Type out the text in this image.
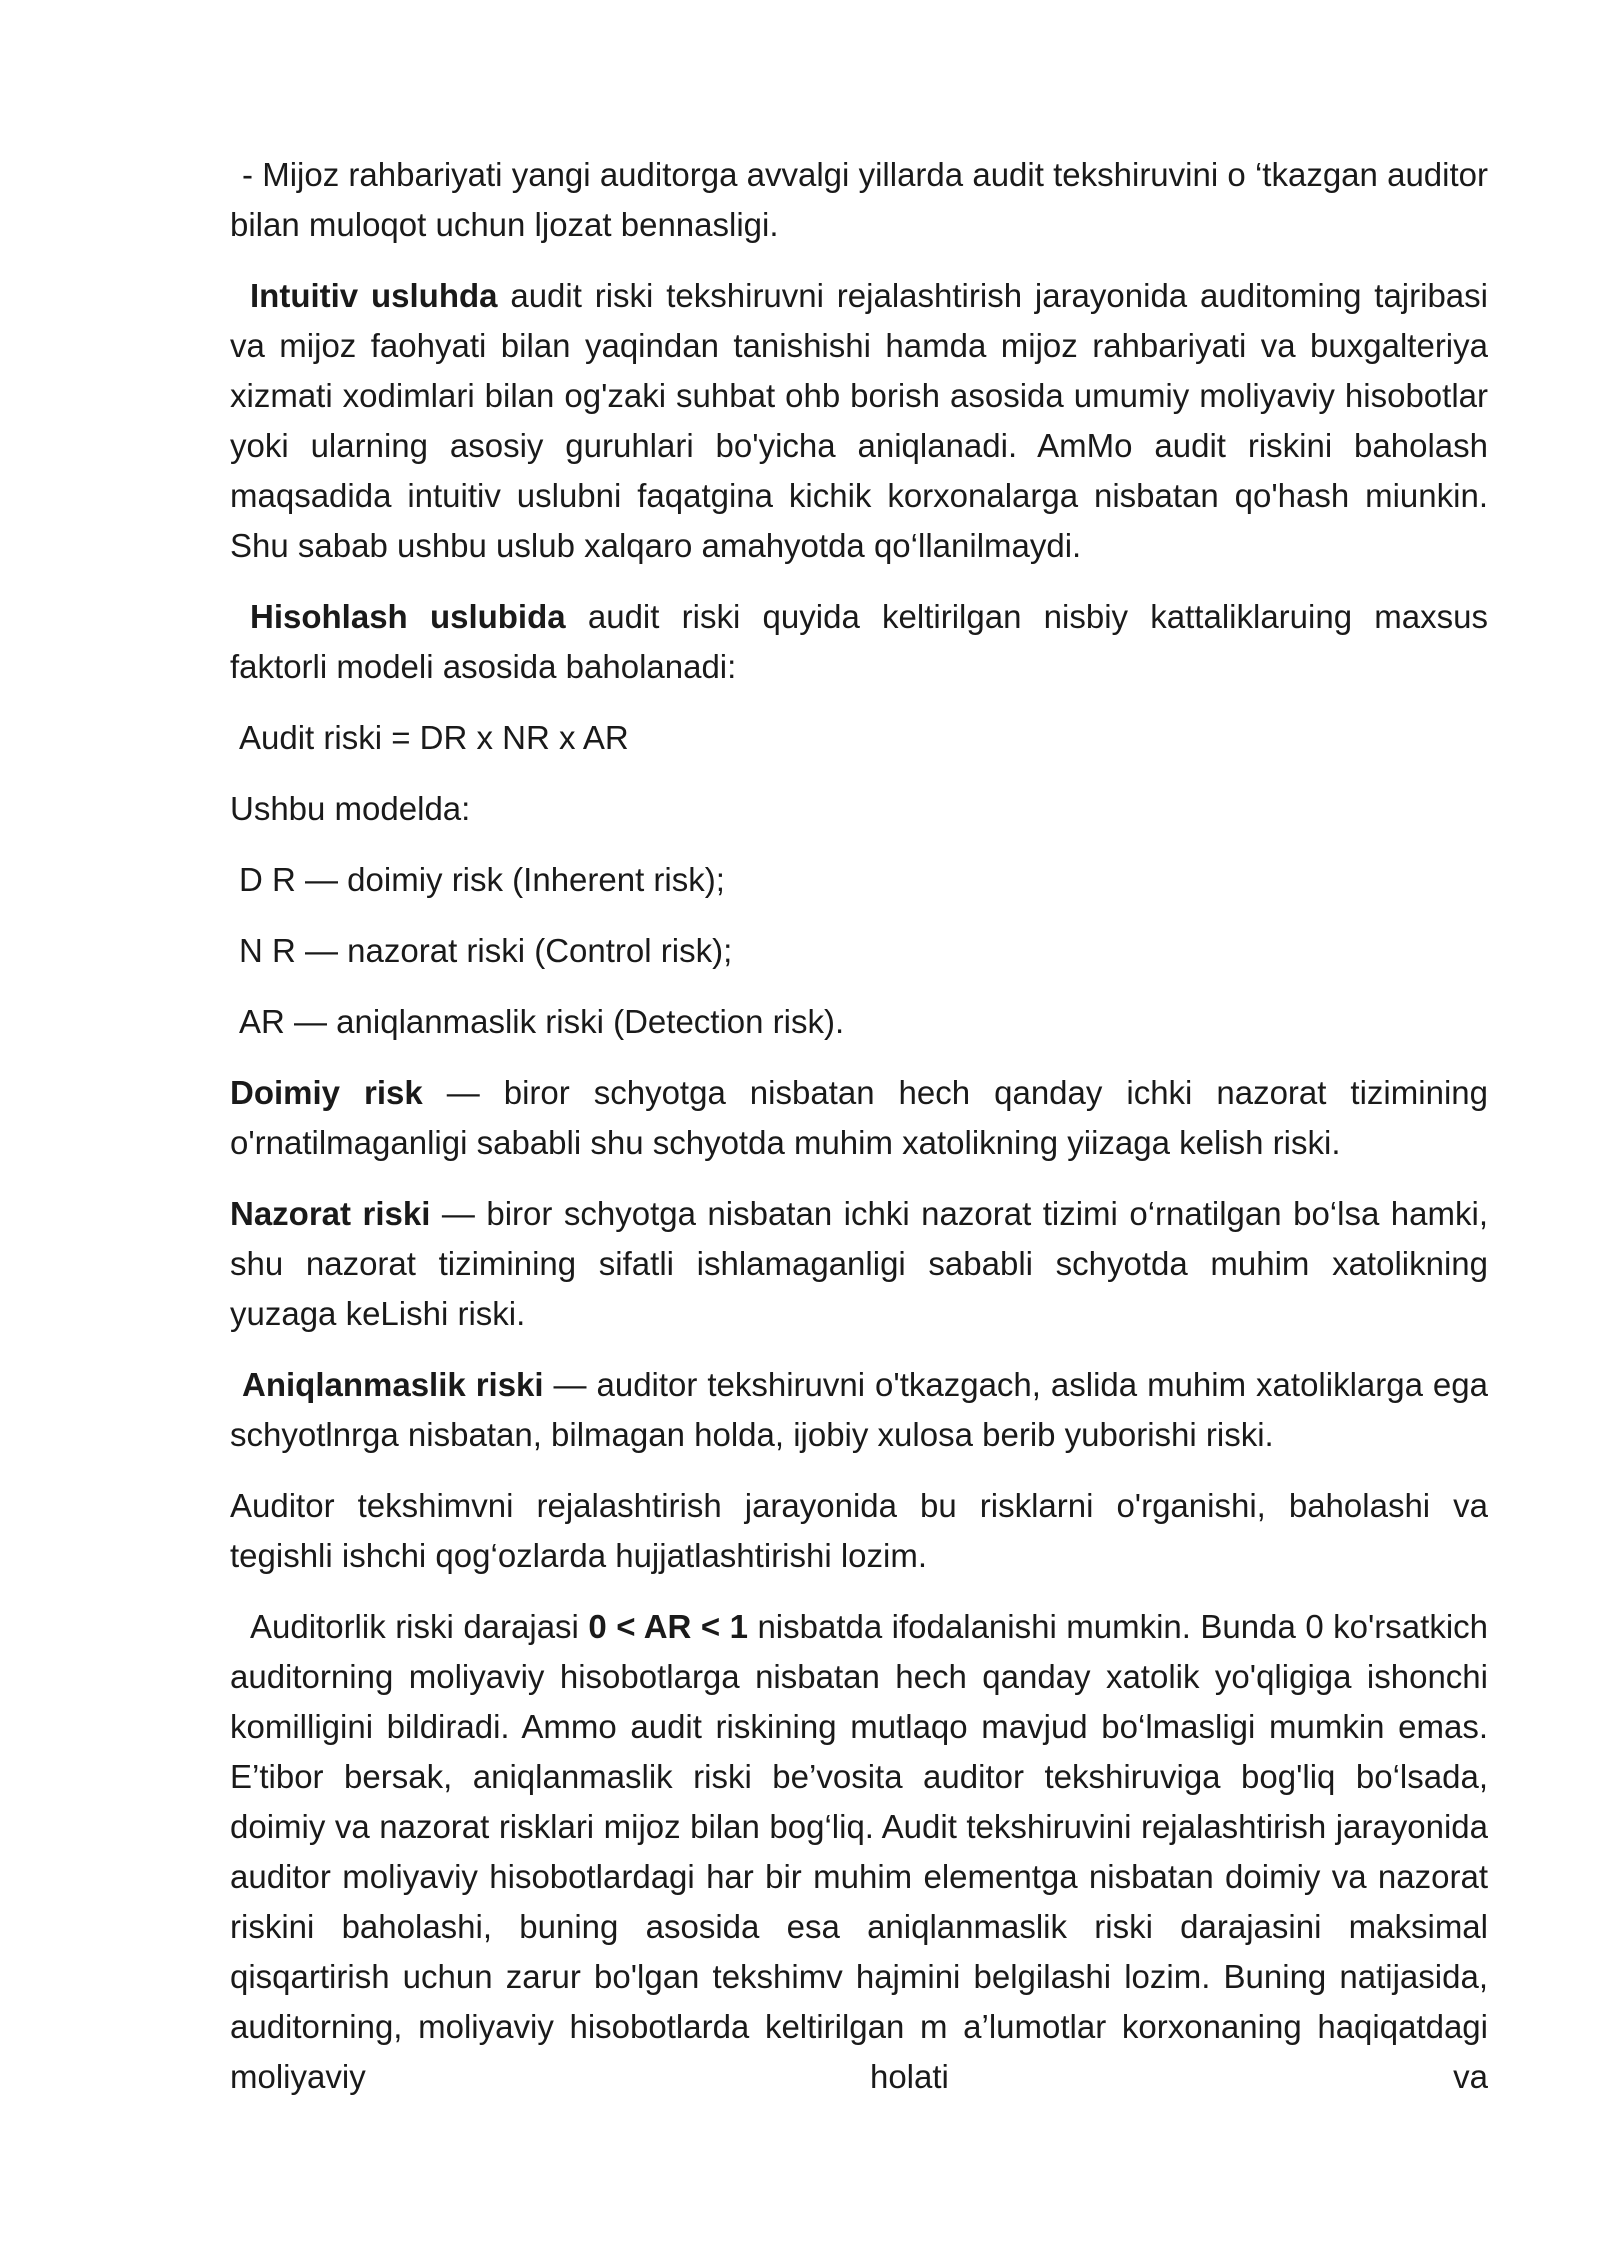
- Mijoz rahbariyati yangi auditorga avvalgi yillarda audit tekshiruvini o ‘tkazgan auditor bilan muloqot uchun ljozat bennasligi.

Intuitiv usluhda audit riski tekshiruvni rejalashtirish jarayonida auditoming tajribasi va mijoz faohyati bilan yaqindan tanishishi hamda mijoz rahbariyati va buxgalteriya xizmati xodimlari bilan og'zaki suhbat ohb borish asosida umumiy moliyaviy hisobotlar yoki ularning asosiy guruhlari bo'yicha aniqlanadi. AmMo audit riskini baholash maqsadida intuitiv uslubni faqatgina kichik korxonalarga nisbatan qo'hash miunkin. Shu sabab ushbu uslub xalqaro amahyotda qo‘llanilmaydi.

Hisohlash uslubida audit riski quyida keltirilgan nisbiy kattaliklaruing maxsus faktorli modeli asosida baholanadi:

Audit riski = DR x NR x AR

Ushbu modelda:

D R — doimiy risk (Inherent risk);

N R — nazorat riski (Control risk);

AR — aniqlanmaslik riski (Detection risk).

Doimiy risk — biror schyotga nisbatan hech qanday ichki nazorat tizimining o'rnatilmaganligi sababli shu schyotda muhim xatolikning yiizaga kelish riski.

Nazorat riski — biror schyotga nisbatan ichki nazorat tizimi o‘rnatilgan bo‘lsa hamki, shu nazorat tizimining sifatli ishlamaganligi sababli schyotda muhim xatolikning yuzaga keLishi riski.

Aniqlanmaslik riski — auditor tekshiruvni o'tkazgach, aslida muhim xatoliklarga ega schyotlnrga nisbatan, bilmagan holda, ijobiy xulosa berib yuborishi riski.

Auditor tekshimvni rejalashtirish jarayonida bu risklarni o'rganishi, baholashi va tegishli ishchi qog‘ozlarda hujjatlashtirishi lozim.

Auditorlik riski darajasi 0 < AR < 1 nisbatda ifodalanishi mumkin. Bunda 0 ko'rsatkich auditorning moliyaviy hisobotlarga nisbatan hech qanday xatolik yo'qligiga ishonchi komilligini bildiradi. Ammo audit riskining mutlaqo mavjud bo‘lmasligi mumkin emas. E’tibor bersak, aniqlanmaslik riski be’vosita auditor tekshiruviga bog'liq bo‘lsada, doimiy va nazorat risklari mijoz bilan bog‘liq. Audit tekshiruvini rejalashtirish jarayonida auditor moliyaviy hisobotlardagi har bir muhim elementga nisbatan doimiy va nazorat riskini baholashi, buning asosida esa aniqlanmaslik riski darajasini maksimal qisqartirish uchun zarur bo'lgan tekshimv hajmini belgilashi lozim. Buning natijasida, auditorning, moliyaviy hisobotlarda keltirilgan m a’lumotlar korxonaning haqiqatdagi moliyaviy holati va
